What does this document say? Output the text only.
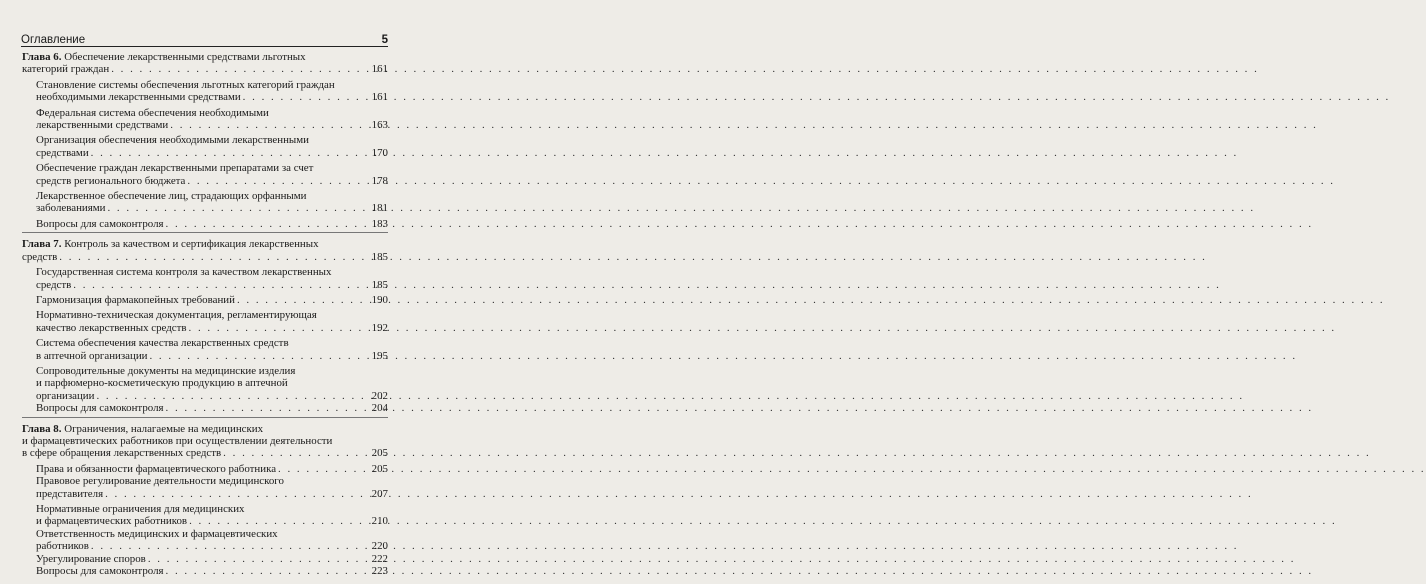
Оглавление	5
Глава 6. Обеспечение лекарственными средствами льготных
категорий граждан . . .	161
Становление системы обеспечения льготных категорий граждан
необходимыми лекарственными средствами . . .	161
Федеральная система обеспечения необходимыми
лекарственными средствами . . .	163
Организация обеспечения необходимыми лекарственными
средствами . . .	170
Обеспечение граждан лекарственными препаратами за счет
средств регионального бюджета . . .	178
Лекарственное обеспечение лиц, страдающих орфанными
заболеваниями . . .	181
Вопросы для самоконтроля . . .	183
Глава 7. Контроль за качеством и сертификация лекарственных
средств . . .	185
Государственная система контроля за качеством лекарственных
средств . . .	185
Гармонизация фармакопейных требований . . .	190
Нормативно-техническая документация, регламентирующая
качество лекарственных средств . . .	192
Система обеспечения качества лекарственных средств
в аптечной организации . . .	195
Сопроводительные документы на медицинские изделия
и парфюмерно-косметическую продукцию в аптечной
организации . . .	202
Вопросы для самоконтроля . . .	204
Глава 8. Ограничения, налагаемые на медицинских
и фармацевтических работников при осуществлении деятельности
в сфере обращения лекарственных средств . . .	205
Права и обязанности фармацевтического работника . . .	205
Правовое регулирование деятельности медицинского
представителя . . .	207
Нормативные ограничения для медицинских
и фармацевтических работников . . .	210
Ответственность медицинских и фармацевтических
работников . . .	220
Урегулирование споров . . .	222
Вопросы для самоконтроля . . .	223
